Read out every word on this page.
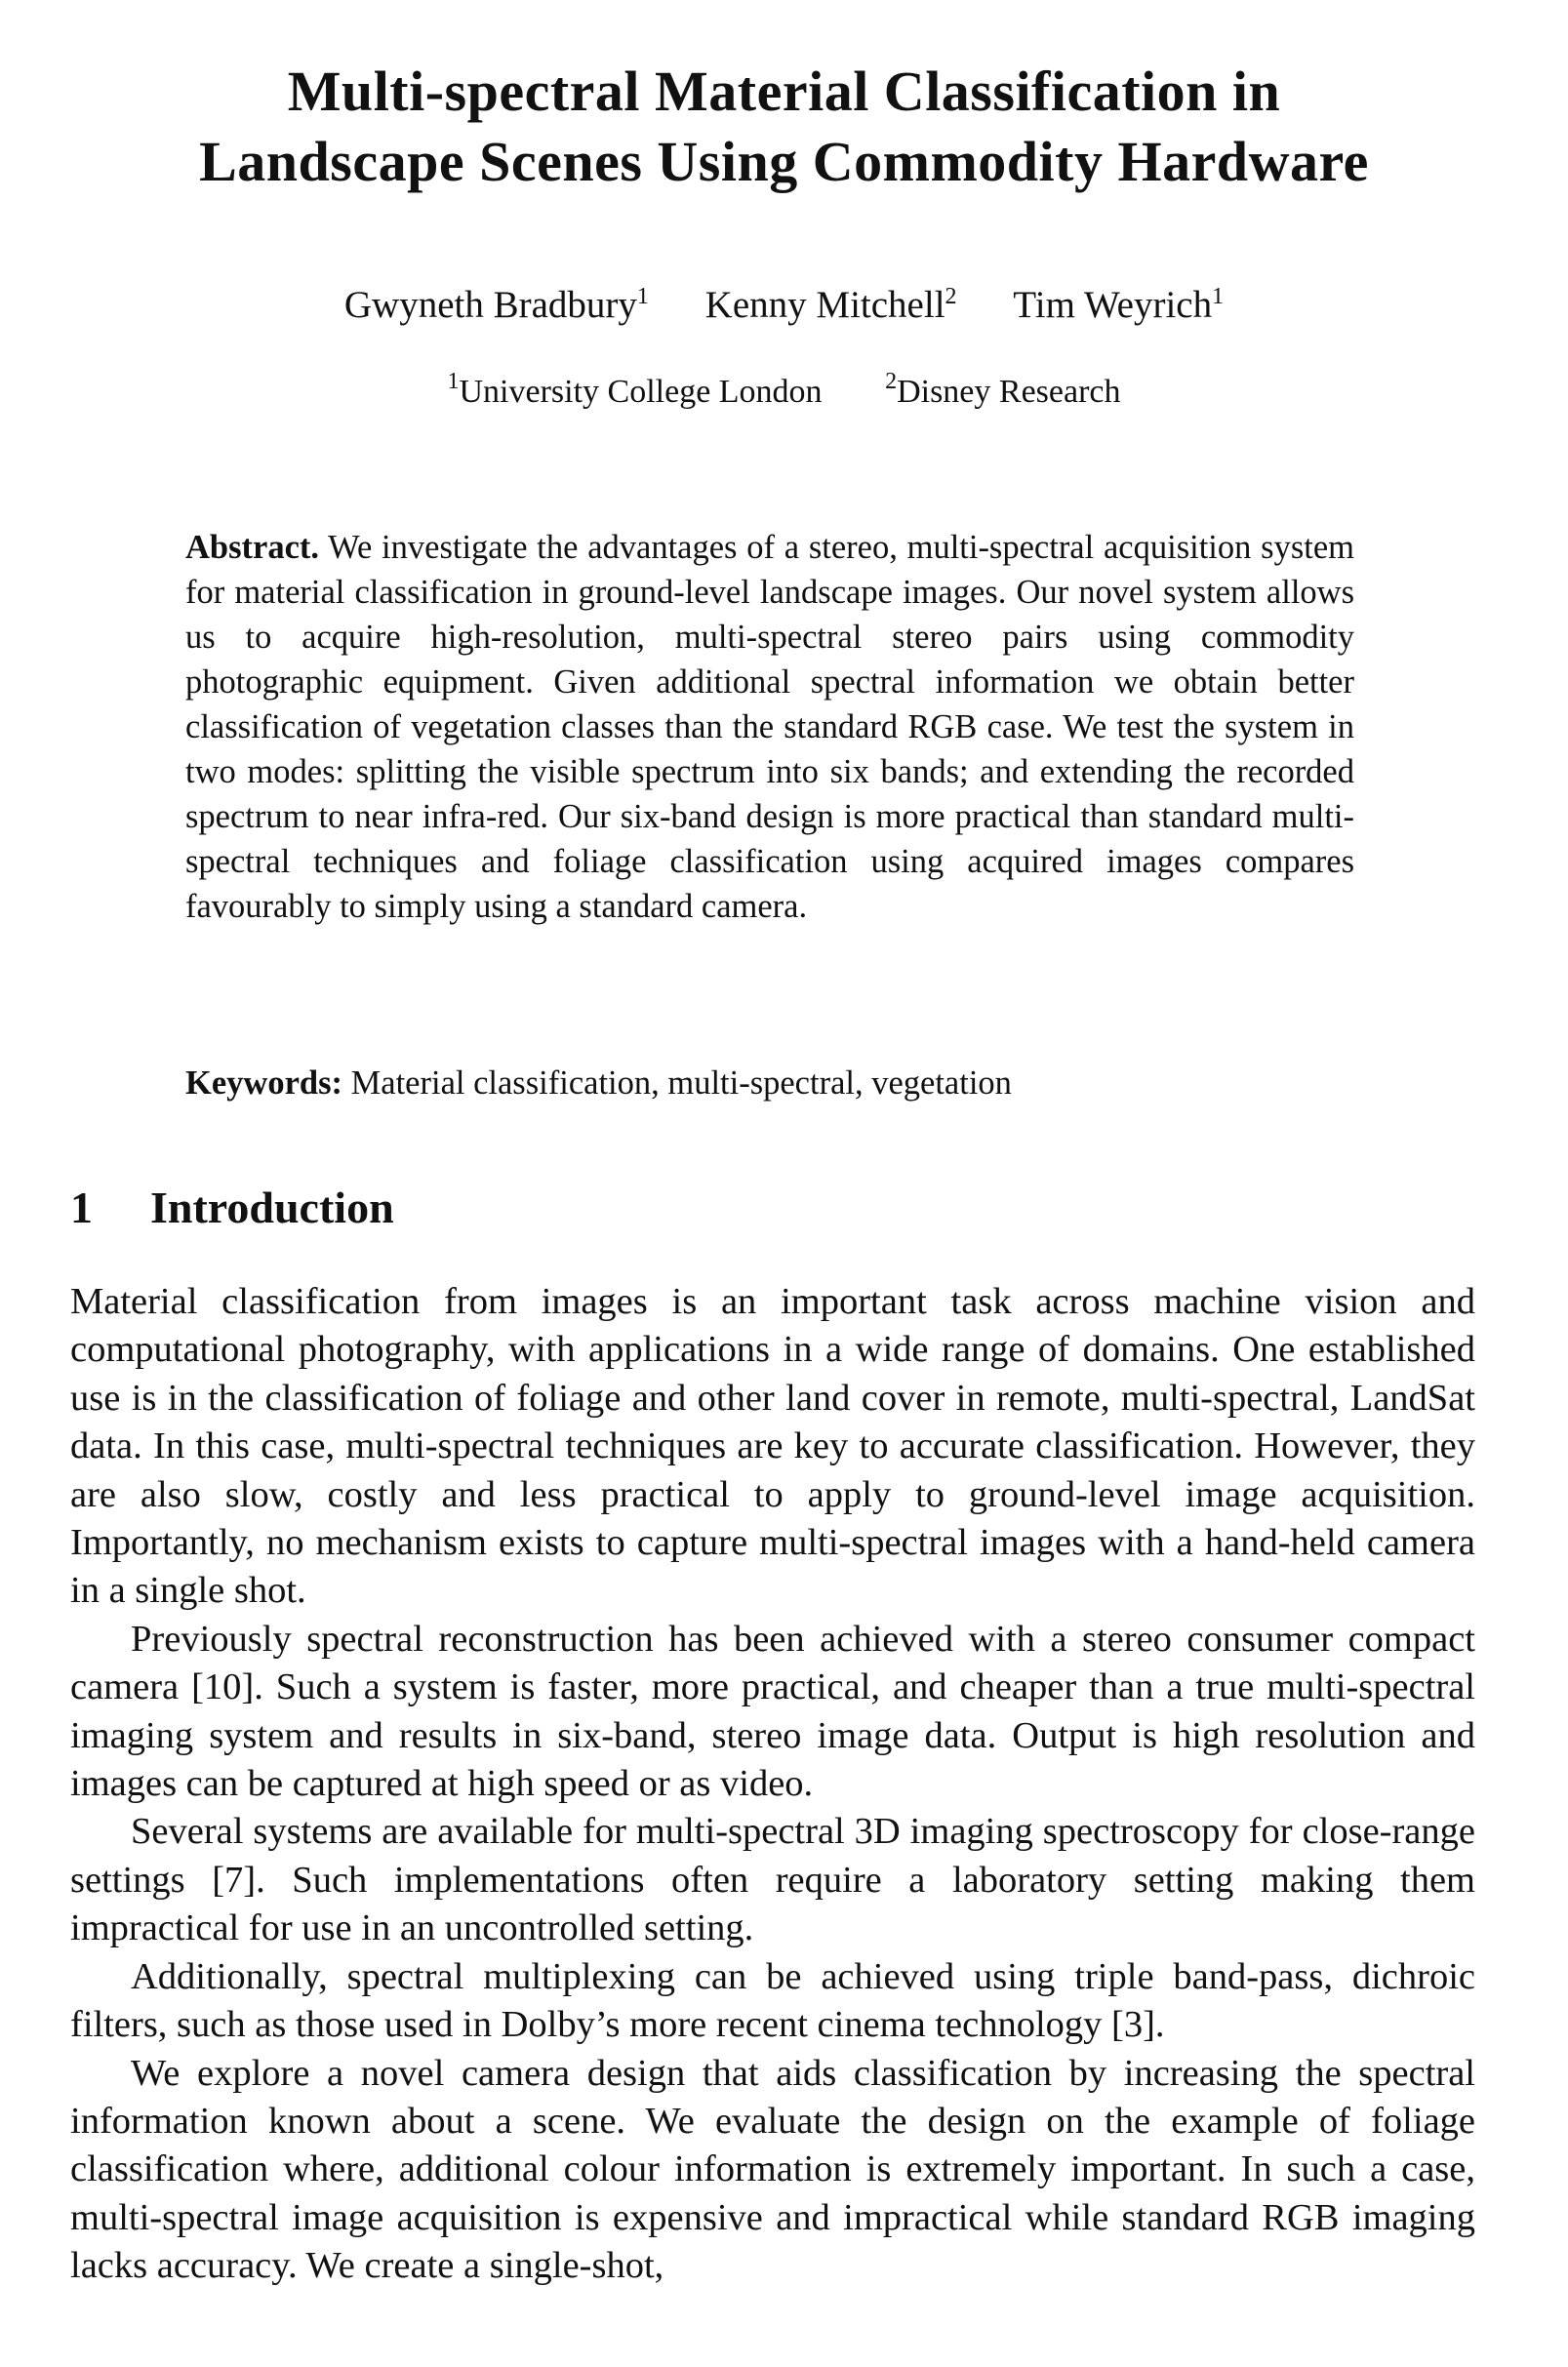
Multi-spectral Material Classification in
Landscape Scenes Using Commodity Hardware
Gwyneth Bradbury$^1$ Kenny Mitchell$^2$ Tim Weyrich$^1$
$^1$University College London	$^2$Disney Research
Abstract. We investigate the advantages of a stereo, multi-spectral acquisition system for material classification in ground-level landscape images. Our novel system allows us to acquire high-resolution, multi-spectral stereo pairs using commodity photographic equipment. Given additional spectral information we obtain better classification of vegetation classes than the standard RGB case. We test the system in two modes: splitting the visible spectrum into six bands; and extending the recorded spectrum to near infra-red. Our six-band design is more practical than standard multi-spectral techniques and foliage classification using acquired images compares favourably to simply using a standard camera.
Keywords: Material classification, multi-spectral, vegetation
1 Introduction

Material classification from images is an important task across machine vision and computational photography, with applications in a wide range of domains. One established use is in the classification of foliage and other land cover in remote, multi-spectral, LandSat data. In this case, multi-spectral techniques are key to accurate classification. However, they are also slow, costly and less practical to apply to ground-level image acquisition. Importantly, no mechanism exists to capture multi-spectral images with a hand-held camera in a single shot.

Previously spectral reconstruction has been achieved with a stereo consumer compact camera [10]. Such a system is faster, more practical, and cheaper than a true multi-spectral imaging system and results in six-band, stereo image data. Output is high resolution and images can be captured at high speed or as video.

Several systems are available for multi-spectral 3D imaging spectroscopy for close-range settings [7]. Such implementations often require a laboratory setting making them impractical for use in an uncontrolled setting.

Additionally, spectral multiplexing can be achieved using triple band-pass, dichroic filters, such as those used in Dolby’s more recent cinema technology [3].

We explore a novel camera design that aids classification by increasing the spectral information known about a scene. We evaluate the design on the example of foliage classification where, additional colour information is extremely important. In such a case, multi-spectral image acquisition is expensive and impractical while standard RGB imaging lacks accuracy. We create a single-shot,
